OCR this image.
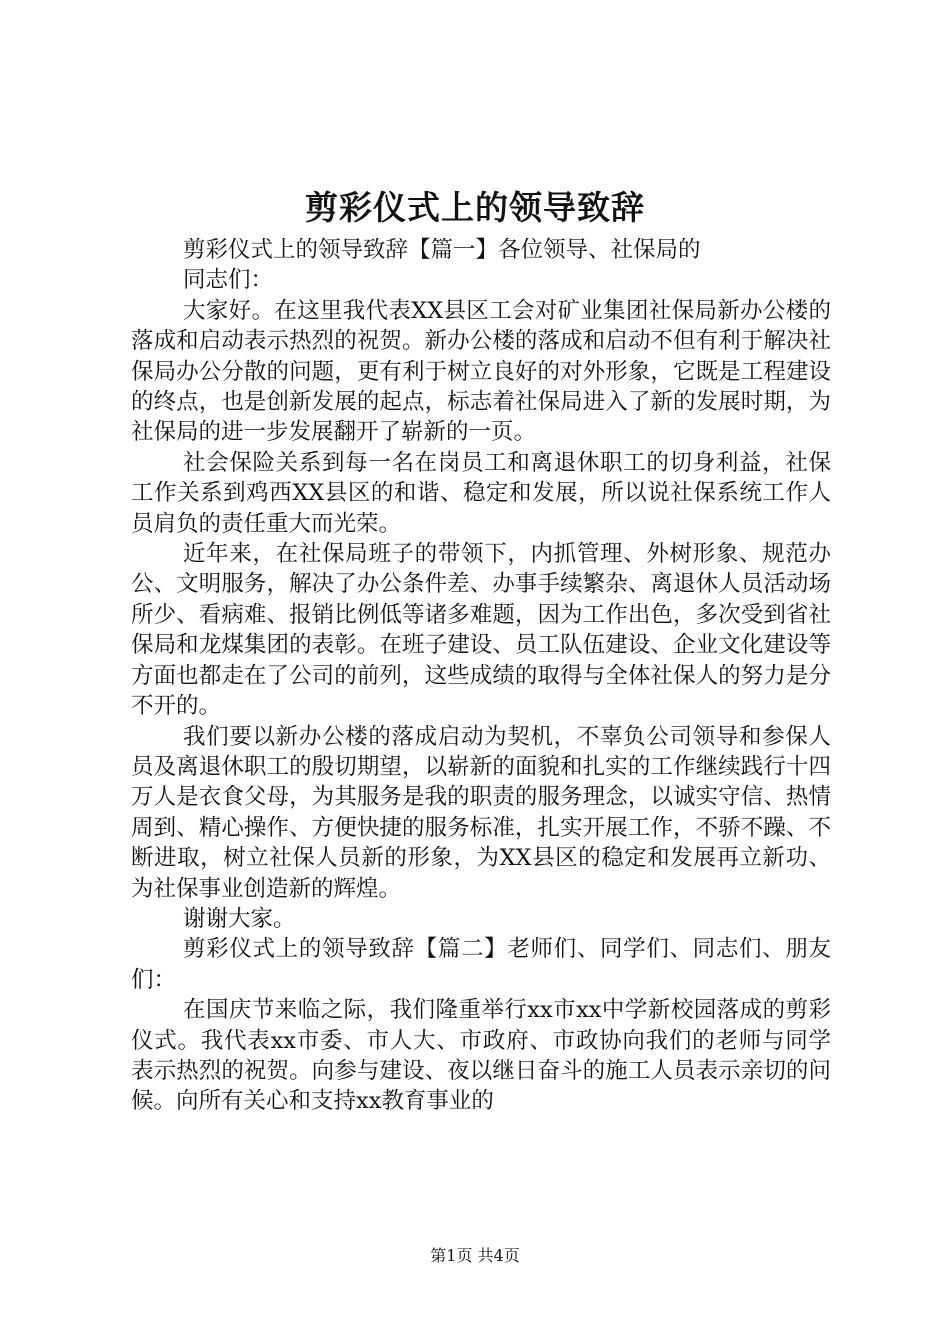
剪彩仪式上的领导致辞

剪彩仪式上的领导致辞【篇一】各位领导、社保局的

同志们：

大家好。在这里我代表XX县区工会对矿业集团社保局新办公楼的落成和启动表示热烈的祝贺。新办公楼的落成和启动不但有利于解决社保局办公分散的问题，更有利于树立良好的对外形象，它既是工程建设的终点，也是创新发展的起点，标志着社保局进入了新的发展时期，为社保局的进一步发展翻开了崭新的一页。

社会保险关系到每一名在岗员工和离退休职工的切身利益，社保工作关系到鸡西XX县区的和谐、稳定和发展，所以说社保系统工作人员肩负的责任重大而光荣。

近年来，在社保局班子的带领下，内抓管理、外树形象、规范办公、文明服务，解决了办公条件差、办事手续繁杂、离退休人员活动场所少、看病难、报销比例低等诸多难题，因为工作出色，多次受到省社保局和龙煤集团的表彰。在班子建设、员工队伍建设、企业文化建设等方面也都走在了公司的前列，这些成绩的取得与全体社保人的努力是分不开的。

我们要以新办公楼的落成启动为契机，不辜负公司领导和参保人员及离退休职工的殷切期望，以崭新的面貌和扎实的工作继续践行十四万人是衣食父母，为其服务是我的职责的服务理念，以诚实守信、热情周到、精心操作、方便快捷的服务标准，扎实开展工作，不骄不躁、不断进取，树立社保人员新的形象，为XX县区的稳定和发展再立新功、为社保事业创造新的辉煌。

谢谢大家。

剪彩仪式上的领导致辞【篇二】老师们、同学们、同志们、朋友们：

在国庆节来临之际，我们隆重举行xx市xx中学新校园落成的剪彩仪式。我代表xx市委、市人大、市政府、市政协向我们的老师与同学表示热烈的祝贺。向参与建设、夜以继日奋斗的施工人员表示亲切的问候。向所有关心和支持xx教育事业的

第1页 共4页
